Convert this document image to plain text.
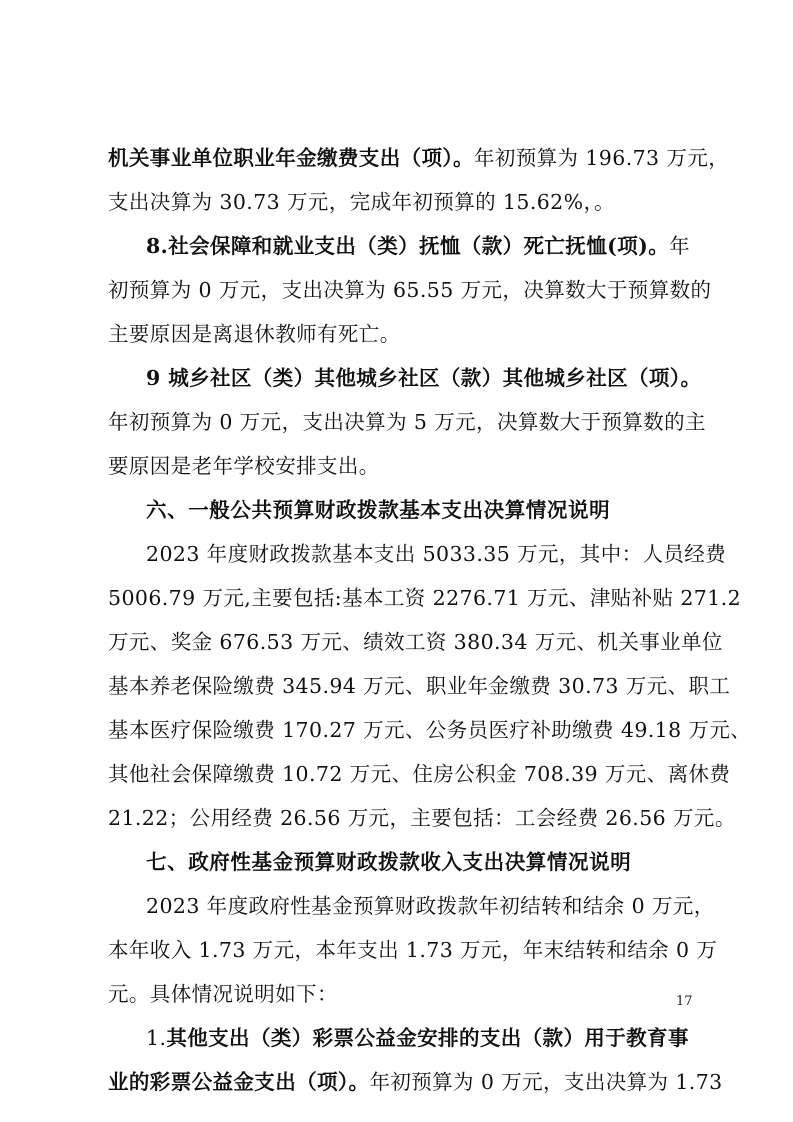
机关事业单位职业年金缴费支出（项）。年初预算为 196.73 万元，
支出决算为 30.73 万元，完成年初预算的 15.62%，。
8.社会保障和就业支出（类）抚恤（款）死亡抚恤(项)。年
初预算为 0 万元，支出决算为 65.55 万元，决算数大于预算数的
主要原因是离退休教师有死亡。
9 城乡社区（类）其他城乡社区（款）其他城乡社区（项）。
年初预算为 0 万元，支出决算为 5 万元，决算数大于预算数的主
要原因是老年学校安排支出。
六、一般公共预算财政拨款基本支出决算情况说明
2023 年度财政拨款基本支出 5033.35 万元，其中：人员经费
5006.79 万元,主要包括:基本工资 2276.71 万元、津贴补贴 271.2
万元、奖金 676.53 万元、绩效工资 380.34 万元、机关事业单位
基本养老保险缴费 345.94 万元、职业年金缴费 30.73 万元、职工
基本医疗保险缴费 170.27 万元、公务员医疗补助缴费 49.18 万元、
其他社会保障缴费 10.72 万元、住房公积金 708.39 万元、离休费
21.22；公用经费 26.56 万元，主要包括：工会经费 26.56 万元。
七、政府性基金预算财政拨款收入支出决算情况说明
2023 年度政府性基金预算财政拨款年初结转和结余 0 万元，
本年收入 1.73 万元，本年支出 1.73 万元，年末结转和结余 0 万
元。具体情况说明如下：
1.其他支出（类）彩票公益金安排的支出（款）用于教育事
业的彩票公益金支出（项）。年初预算为 0 万元，支出决算为 1.73
17
